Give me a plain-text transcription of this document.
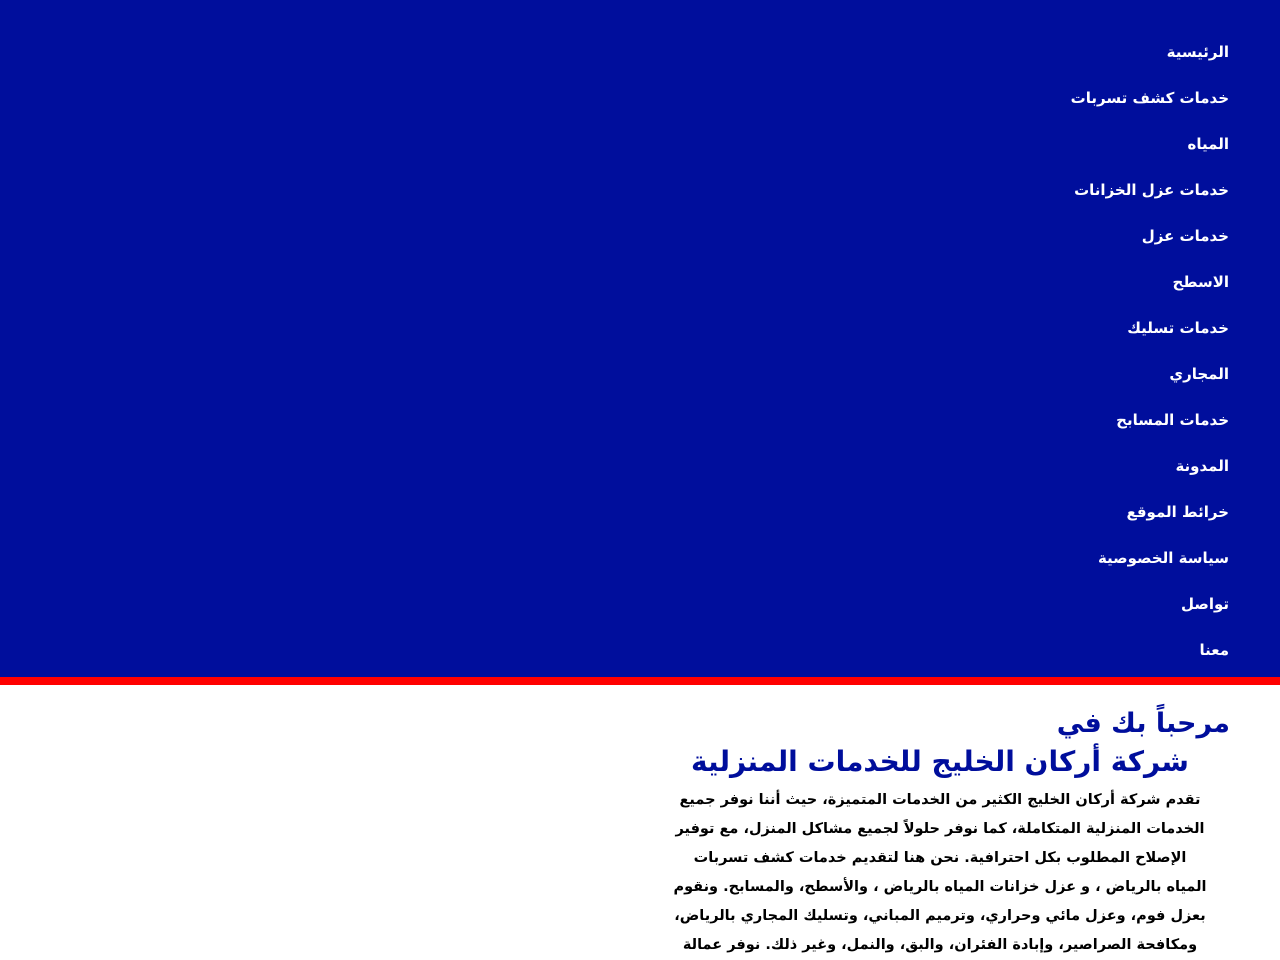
الرئيسية
خدمات كشف تسربات
المياه
خدمات عزل الخزانات
خدمات عزل
الاسطح
خدمات تسليك
المجاري
خدمات المسابح
المدونة
خرائط الموقع
سياسة الخصوصية
تواصل
معنا
مرحباً بك في
شركة أركان الخليج للخدمات المنزلية

تقدم شركة أركان الخليج الكثير من الخدمات المتميزة، حيث أننا نوفر جميع
الخدمات المنزلية المتكاملة، كما نوفر حلولاً لجميع مشاكل المنزل، مع توفير
الإصلاح المطلوب بكل احترافية. نحن هنا لتقديم خدمات كشف تسربات
المياه بالرياض ، و عزل خزانات المياه بالرياض ، والأسطح، والمسابح. ونقوم
بعزل فوم، وعزل مائي وحراري، وترميم المباني، وتسليك المجاري بالرياض،
ومكافحة الصراصير، وإبادة الفئران، والبق، والنمل، وغير ذلك. نوفر عمالة
